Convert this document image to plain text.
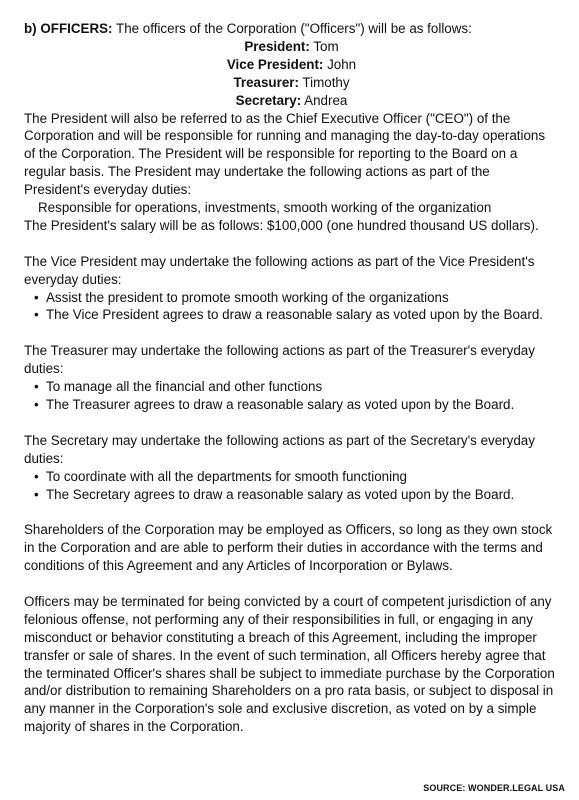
b) OFFICERS: The officers of the Corporation ("Officers") will be as follows:

President: Tom

Vice President: John

Treasurer: Timothy

Secretary: Andrea

The President will also be referred to as the Chief Executive Officer ("CEO") of the Corporation and will be responsible for running and managing the day-to-day operations of the Corporation. The President will be responsible for reporting to the Board on a regular basis. The President may undertake the following actions as part of the President's everyday duties:

Responsible for operations, investments, smooth working of the organization

The President's salary will be as follows: $100,000 (one hundred thousand US dollars).

The Vice President may undertake the following actions as part of the Vice President's everyday duties:

• Assist the president to promote smooth working of the organizations
• The Vice President agrees to draw a reasonable salary as voted upon by the Board.

The Treasurer may undertake the following actions as part of the Treasurer's everyday duties:

• To manage all the financial and other functions
• The Treasurer agrees to draw a reasonable salary as voted upon by the Board.

The Secretary may undertake the following actions as part of the Secretary's everyday duties:

• To coordinate with all the departments for smooth functioning
• The Secretary agrees to draw a reasonable salary as voted upon by the Board.

Shareholders of the Corporation may be employed as Officers, so long as they own stock in the Corporation and are able to perform their duties in accordance with the terms and conditions of this Agreement and any Articles of Incorporation or Bylaws.

Officers may be terminated for being convicted by a court of competent jurisdiction of any felonious offense, not performing any of their responsibilities in full, or engaging in any misconduct or behavior constituting a breach of this Agreement, including the improper transfer or sale of shares. In the event of such termination, all Officers hereby agree that the terminated Officer's shares shall be subject to immediate purchase by the Corporation and/or distribution to remaining Shareholders on a pro rata basis, or subject to disposal in any manner in the Corporation's sole and exclusive discretion, as voted on by a simple majority of shares in the Corporation.

SOURCE: WONDER.LEGAL USA
